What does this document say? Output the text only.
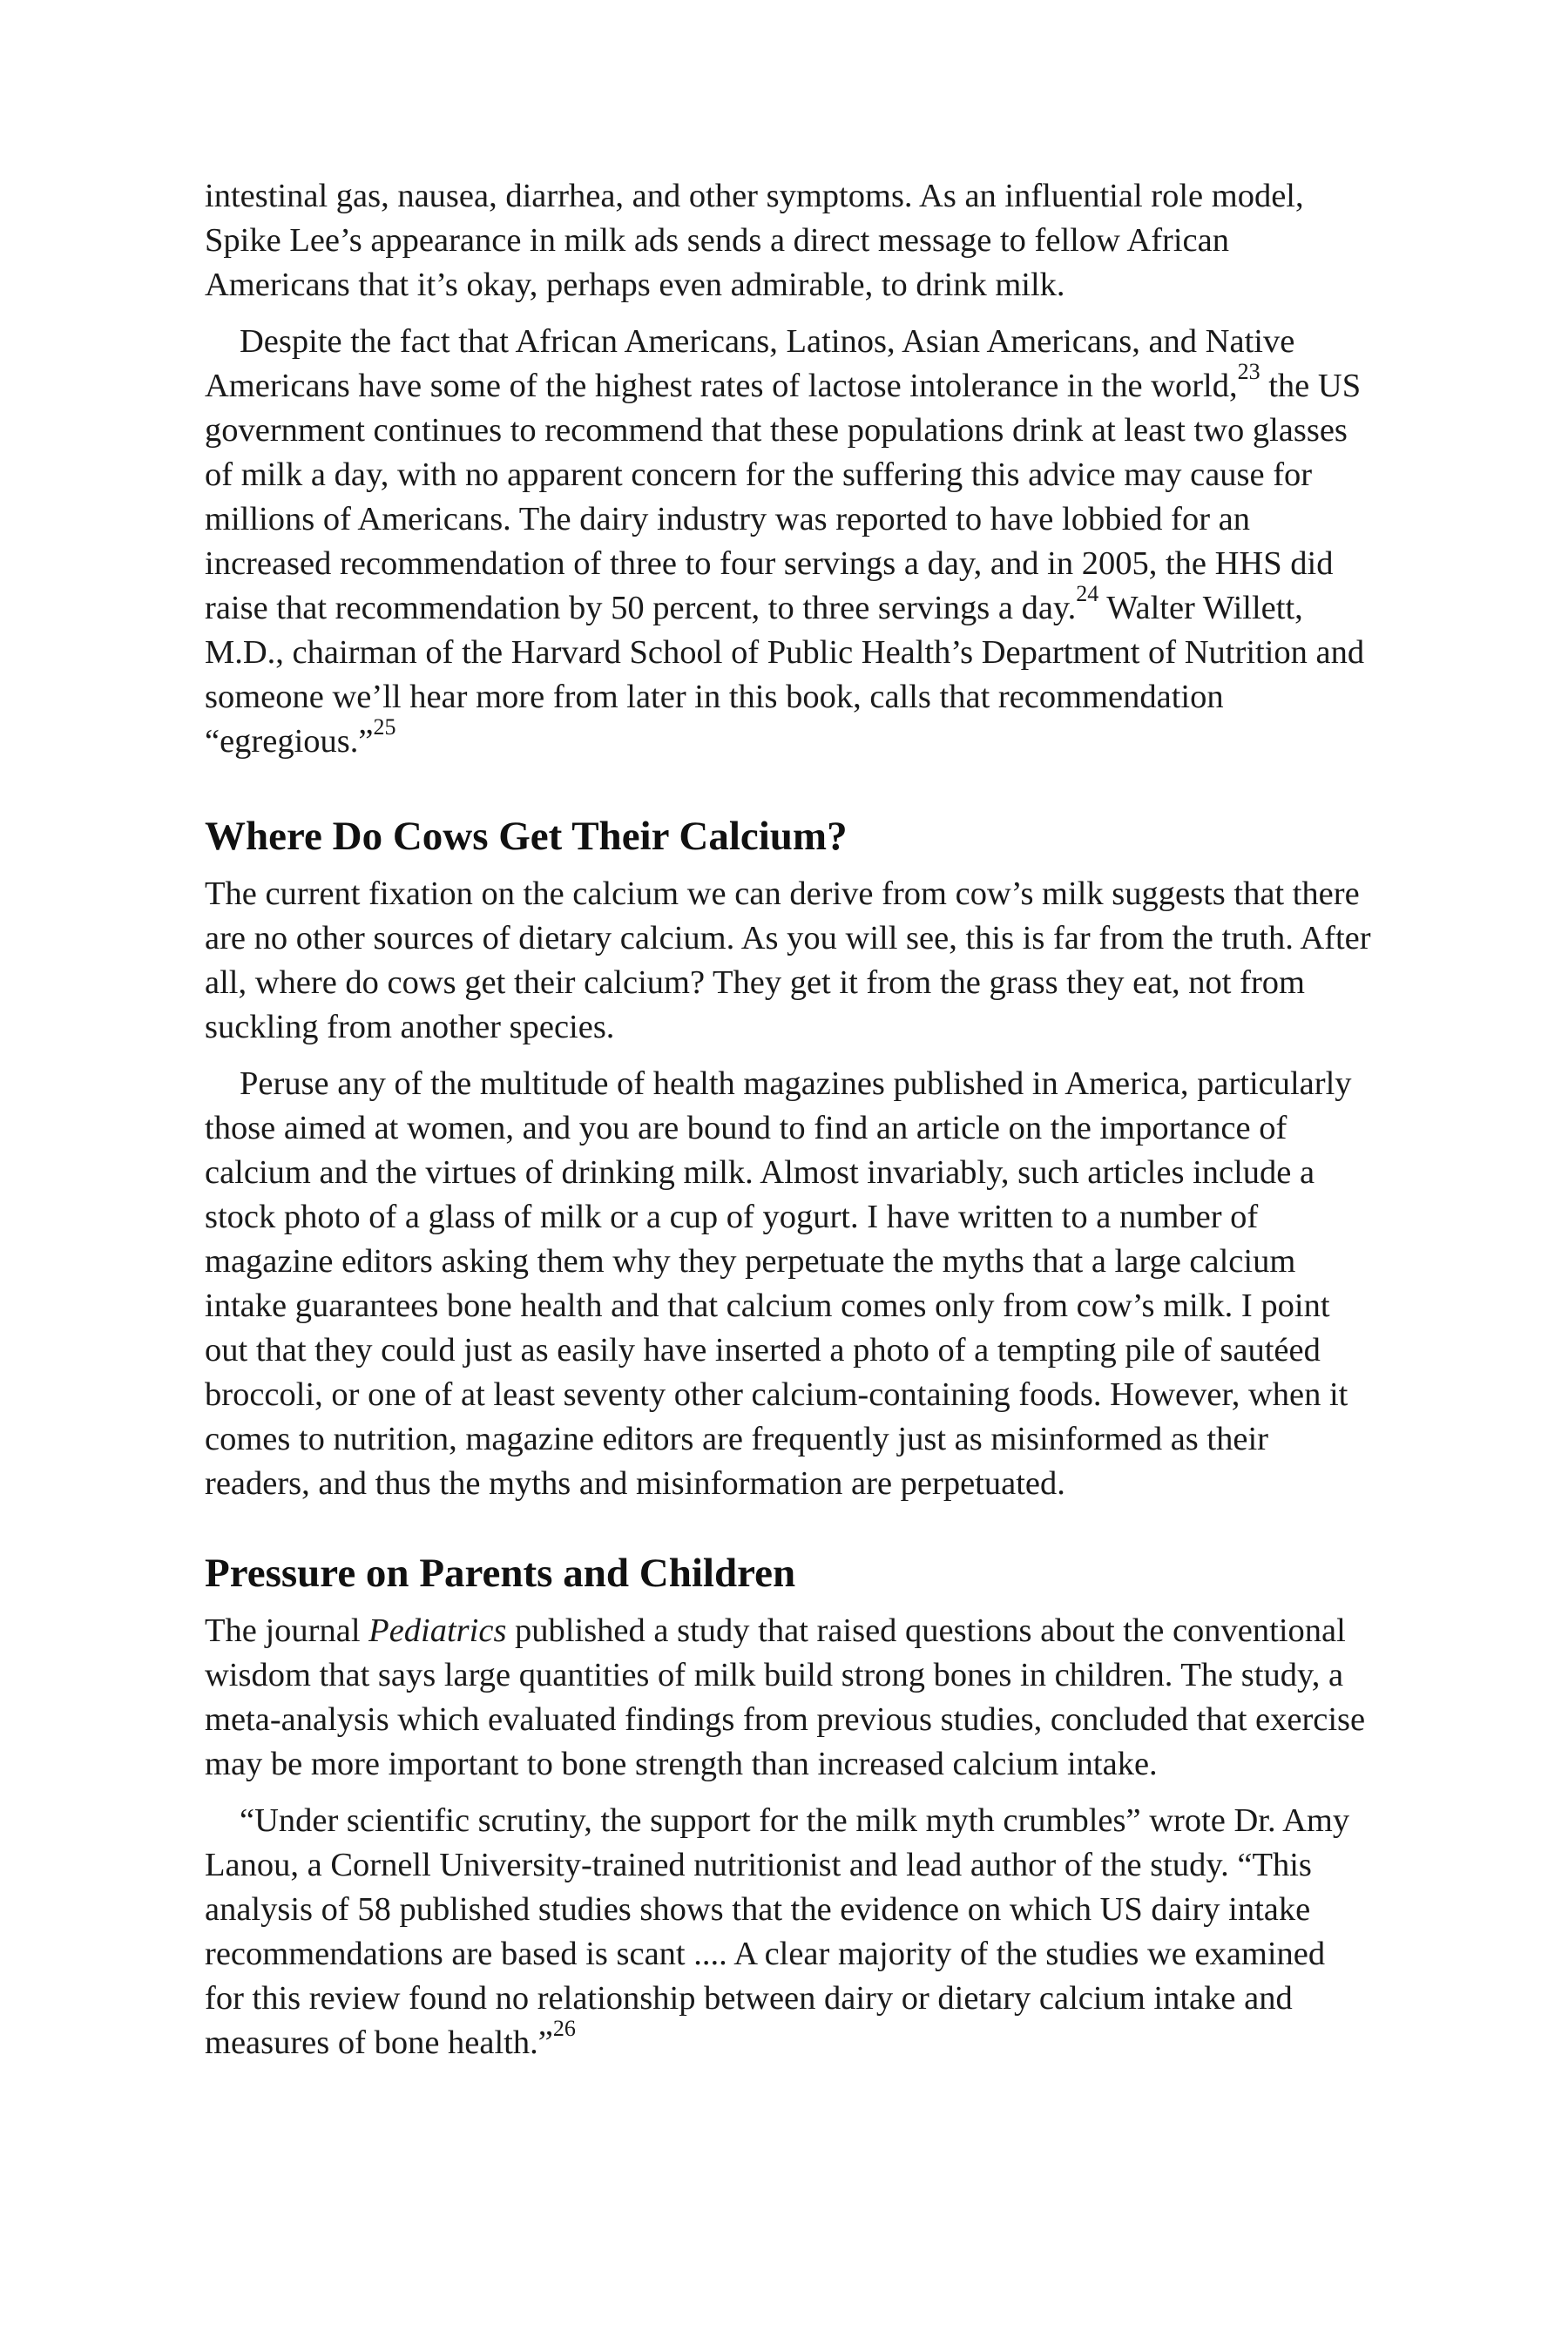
intestinal gas, nausea, diarrhea, and other symptoms. As an influential role model, Spike Lee’s appearance in milk ads sends a direct message to fellow African Americans that it’s okay, perhaps even admirable, to drink milk.

Despite the fact that African Americans, Latinos, Asian Americans, and Native Americans have some of the highest rates of lactose intolerance in the world,$^{23}$ the US government continues to recommend that these populations drink at least two glasses of milk a day, with no apparent concern for the suffering this advice may cause for millions of Americans. The dairy industry was reported to have lobbied for an increased recommendation of three to four servings a day, and in 2005, the HHS did raise that recommendation by 50 percent, to three servings a day.$^{24}$ Walter Willett, M.D., chairman of the Harvard School of Public Health’s Department of Nutrition and someone we’ll hear more from later in this book, calls that recommendation “egregious.”$^{25}$

Where Do Cows Get Their Calcium?

The current fixation on the calcium we can derive from cow’s milk suggests that there are no other sources of dietary calcium. As you will see, this is far from the truth. After all, where do cows get their calcium? They get it from the grass they eat, not from suckling from another species.

Peruse any of the multitude of health magazines published in America, particularly those aimed at women, and you are bound to find an article on the importance of calcium and the virtues of drinking milk. Almost invariably, such articles include a stock photo of a glass of milk or a cup of yogurt. I have written to a number of magazine editors asking them why they perpetuate the myths that a large calcium intake guarantees bone health and that calcium comes only from cow’s milk. I point out that they could just as easily have inserted a photo of a tempting pile of sautéed broccoli, or one of at least seventy other calcium-containing foods. However, when it comes to nutrition, magazine editors are frequently just as misinformed as their readers, and thus the myths and misinformation are perpetuated.

Pressure on Parents and Children

The journal Pediatrics published a study that raised questions about the conventional wisdom that says large quantities of milk build strong bones in children. The study, a meta-analysis which evaluated findings from previous studies, concluded that exercise may be more important to bone strength than increased calcium intake.

“Under scientific scrutiny, the support for the milk myth crumbles” wrote Dr. Amy Lanou, a Cornell University-trained nutritionist and lead author of the study. “This analysis of 58 published studies shows that the evidence on which US dairy intake recommendations are based is scant .... A clear majority of the studies we examined for this review found no relationship between dairy or dietary calcium intake and measures of bone health.”$^{26}$
